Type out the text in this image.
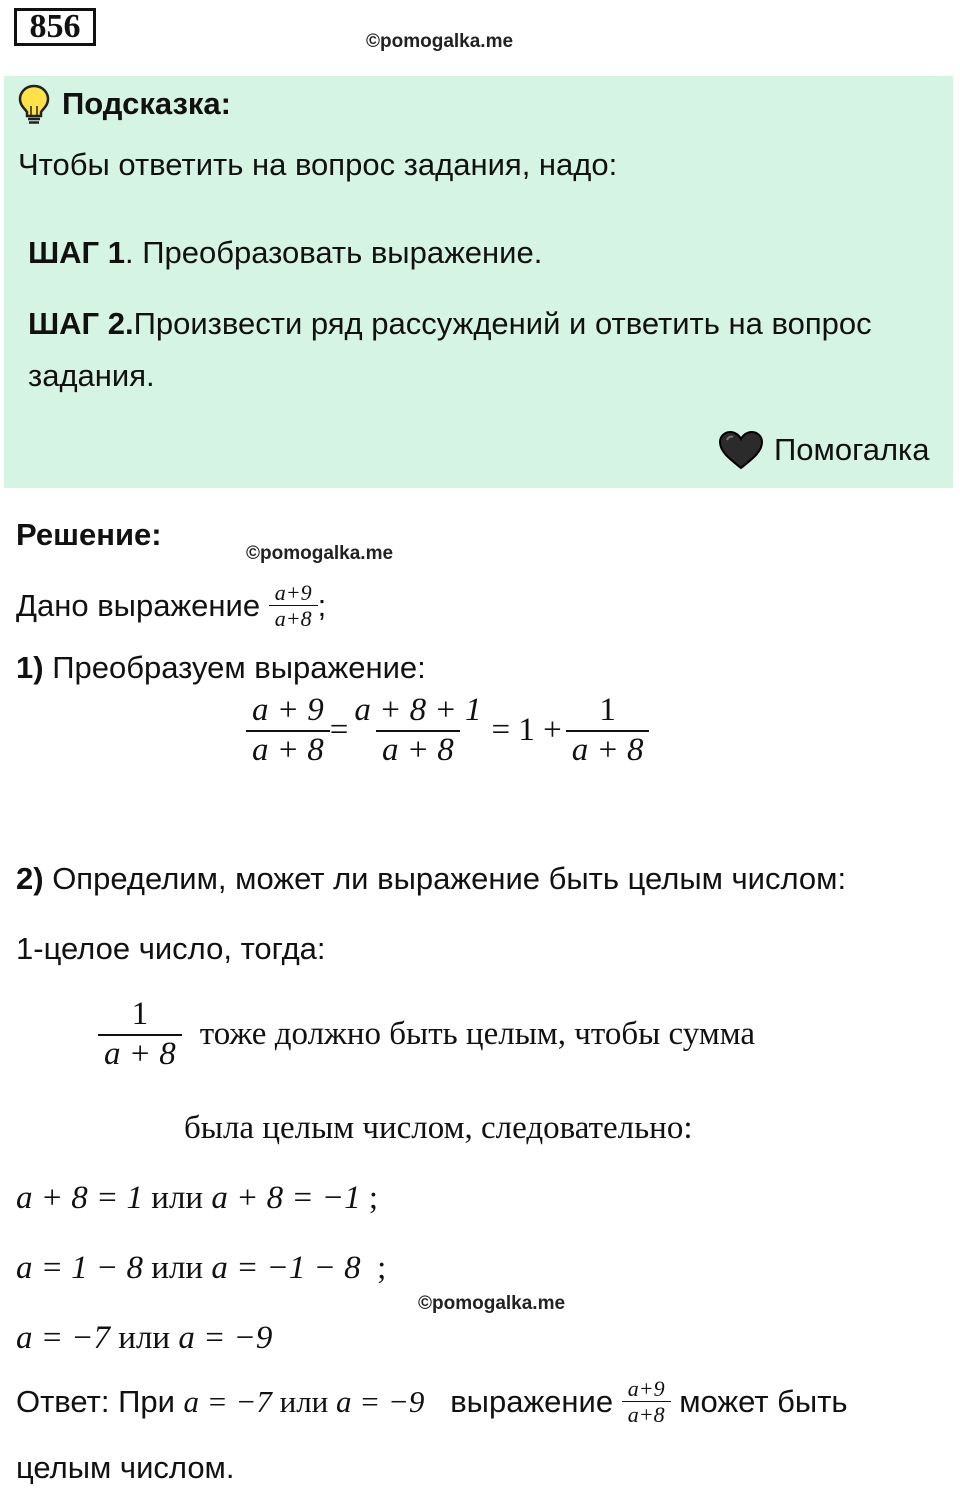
856	©pomogalka.me
Подсказка:
Чтобы ответить на вопрос задания, надо:
ШАГ 1. Преобразовать выражение.
ШАГ 2.Произвести ряд рассуждений и ответить на вопрос
задания.
Помогалка
Решение:
©pomogalka.me
Дано выражение
$\frac{a+9}{a+8}$ ;
1) Преобразуем выражение:
$\frac{a + 9}{a + 8} = \frac{a + 8 + 1}{a + 8} = 1 + \frac{1}{a + 8}$
2) Определим, может ли выражение быть целым числом:
1-целое число, тогда:
$\frac{1}{a + 8}$ тоже должно быть целым, чтобы сумма
была целым числом, следовательно:
a + 8 = 1 или a + 8 = −1 ;
a = 1 − 8 или a = −1 − 8  ;
©pomogalka.me
a = −7 или a = −9
Ответ: При a = −7 или a = −9 выражение $\frac{a+9}{a+8}$ может быть
целым числом.
